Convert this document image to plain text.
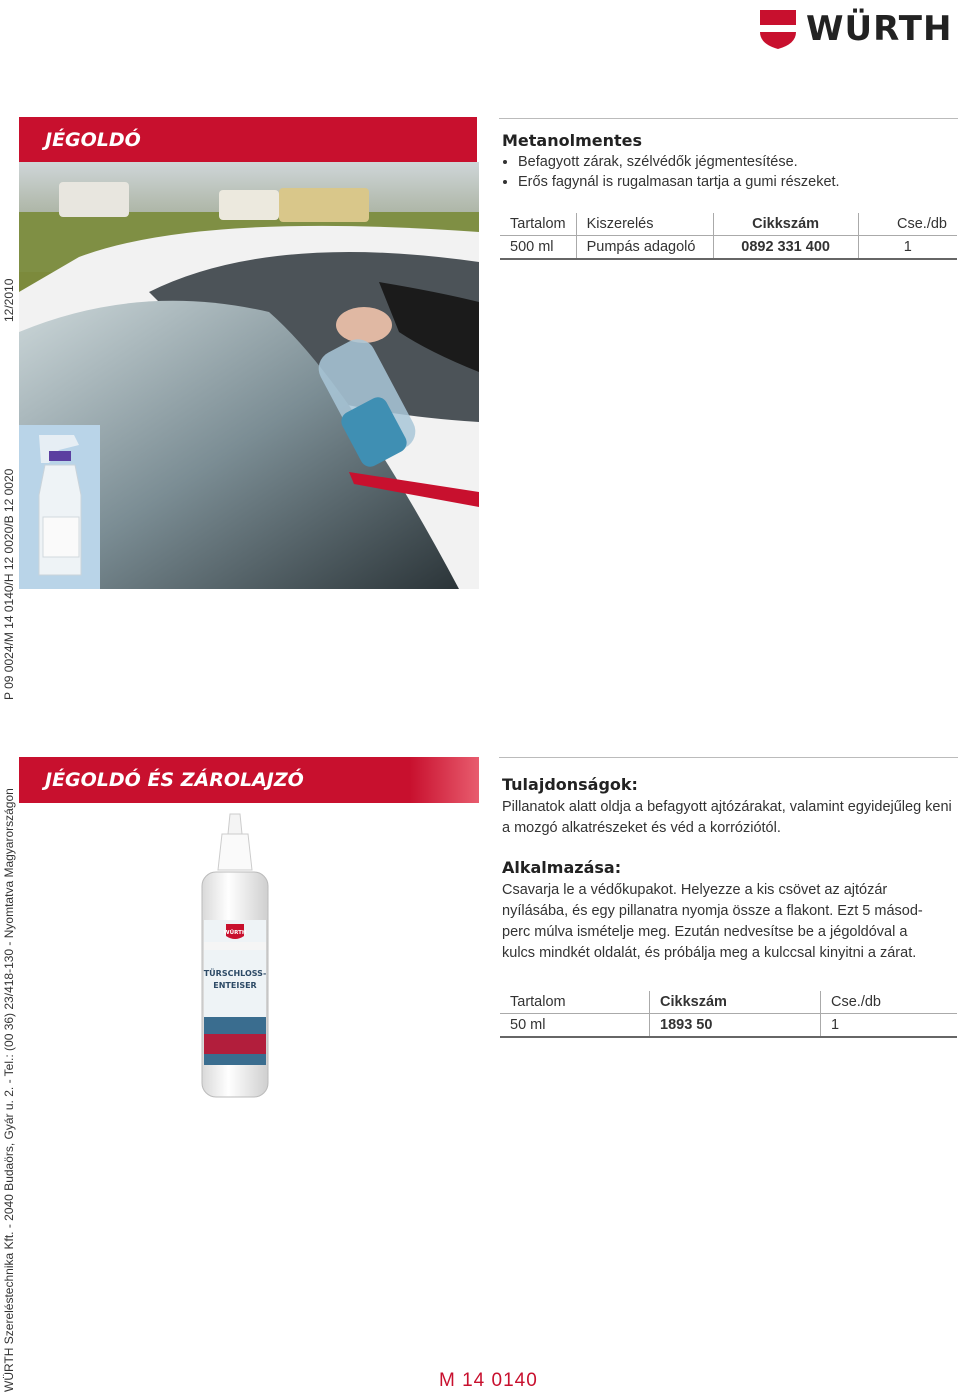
WÜRTH
12/2010
P 09 0024/M 14 0140/H 12 0020/B 12 0020
WÜRTH Szereléstechnika Kft. - 2040 Budaörs, Gyár u. 2. - Tel.: (00 36) 23/418-130 - Nyomtatva Magyarországon
JÉGOLDÓ	Metanolmentes
• Befagyott zárak, szélvédők jégmentesítése.
• Erős fagynál is rugalmasan tartja a gumi részeket.
Tartalom	Kiszerelés	Cikkszám	Cse./db
500 ml	Pumpás adagoló	0892 331 400	1
JÉGOLDÓ ÉS ZÁROLAJZÓ
WÜRTH
TÜRSCHLOSS-
ENTEISER
Tulajdonságok:
Pillanatok alatt oldja a befagyott ajtózárakat, valamint egyidejűleg keni a mozgó alkatrészeket és véd a korróziótól.
Alkalmazása:
Csavarja le a védőkupakot. Helyezze a kis csövet az ajtózár
nyílásába, és egy pillanatra nyomja össze a flakont. Ezt 5 másod-
perc múlva ismételje meg. Ezután nedvesítse be a jégoldóval a
kulcs mindkét oldalát, és próbálja meg a kulccsal kinyitni a zárat.
Tartalom	Cikkszám	Cse./db
50 ml	1893 50	1
M 14 0140
